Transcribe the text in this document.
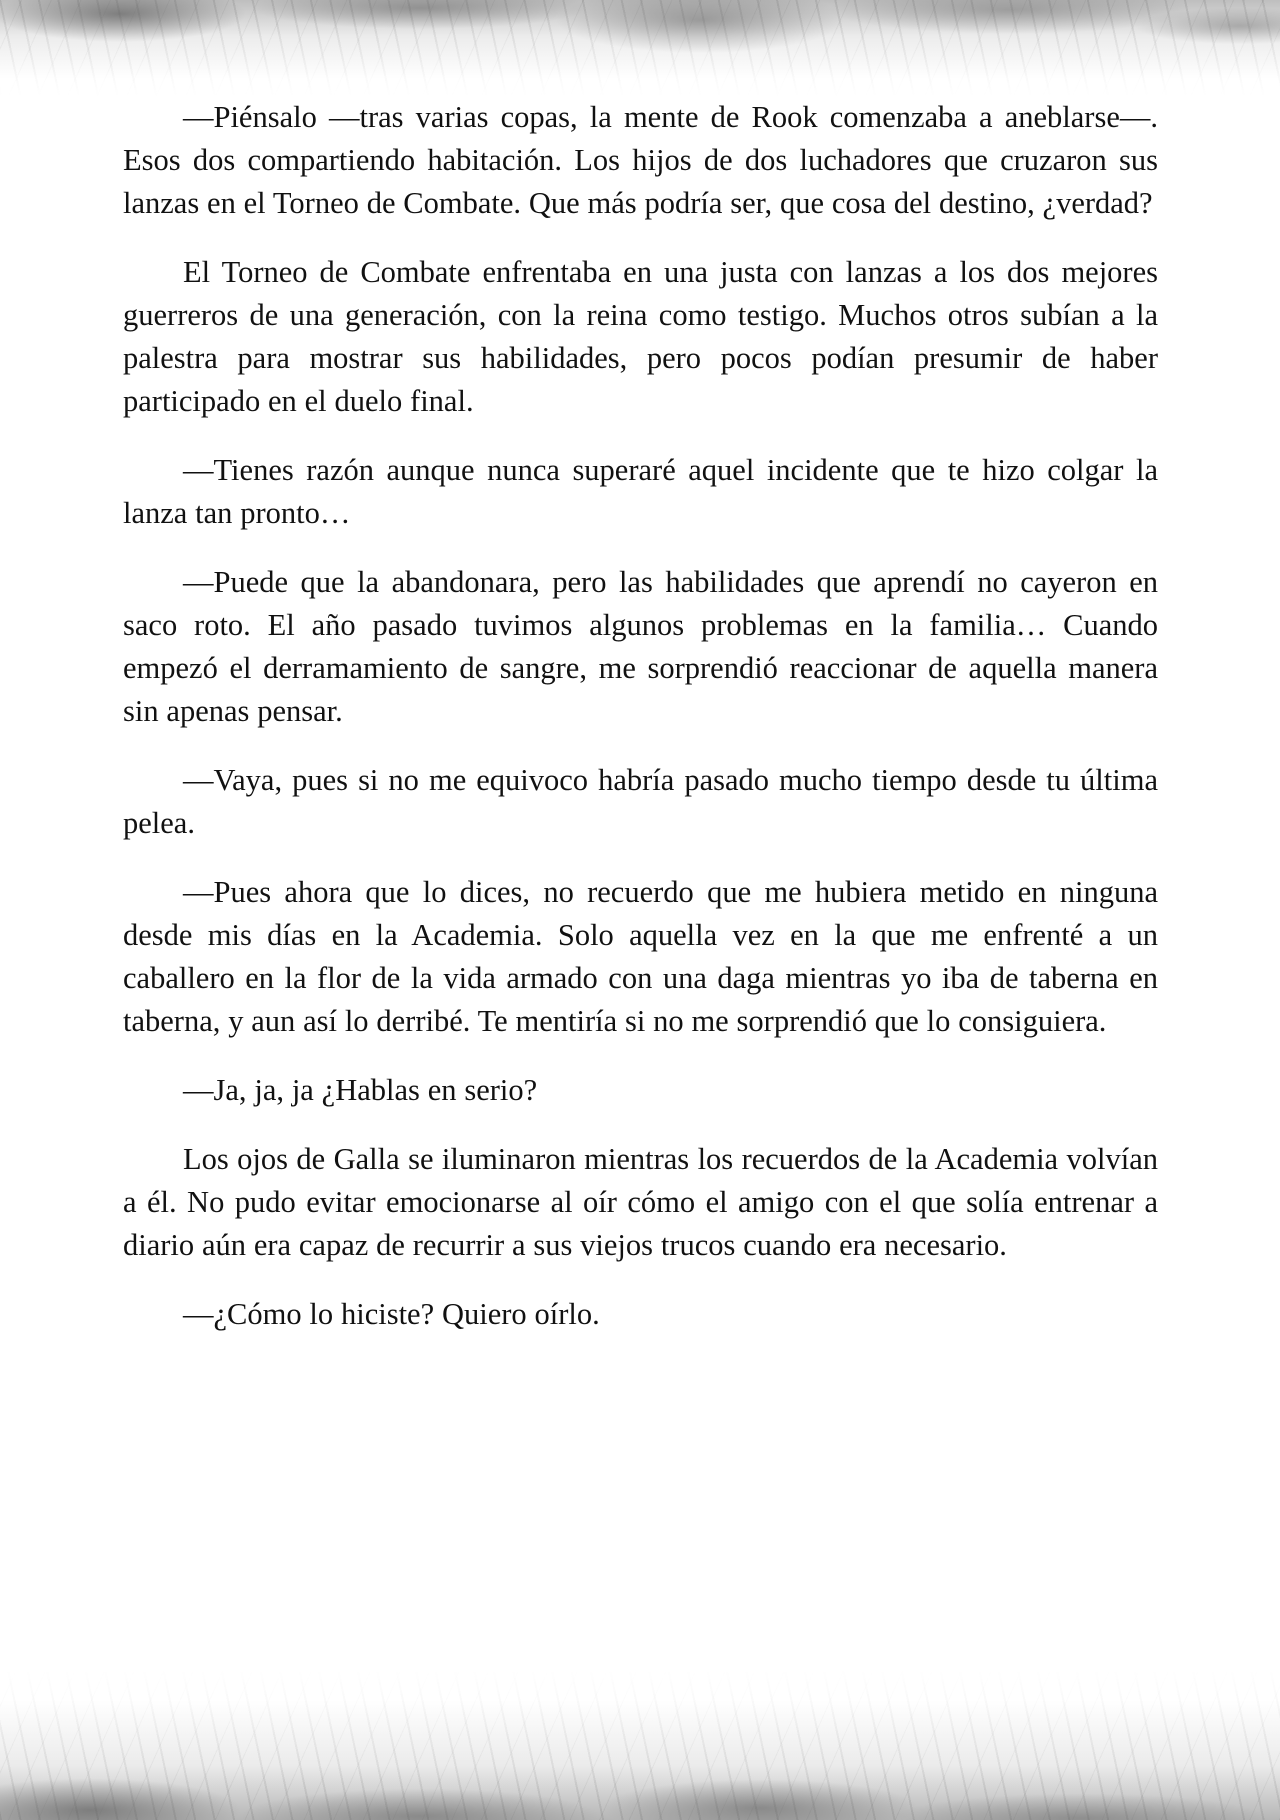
—Piénsalo —tras varias copas, la mente de Rook comenzaba a aneblarse—. Esos dos compartiendo habitación. Los hijos de dos luchadores que cruzaron sus lanzas en el Torneo de Combate. Que más podría ser, que cosa del destino, ¿verdad?

El Torneo de Combate enfrentaba en una justa con lanzas a los dos mejores guerreros de una generación, con la reina como testigo. Muchos otros subían a la palestra para mostrar sus habilidades, pero pocos podían presumir de haber participado en el duelo final.

—Tienes razón aunque nunca superaré aquel incidente que te hizo colgar la lanza tan pronto…

—Puede que la abandonara, pero las habilidades que aprendí no cayeron en saco roto. El año pasado tuvimos algunos problemas en la familia… Cuando empezó el derramamiento de sangre, me sorprendió reaccionar de aquella manera sin apenas pensar.

—Vaya, pues si no me equivoco habría pasado mucho tiempo desde tu última pelea.

—Pues ahora que lo dices, no recuerdo que me hubiera metido en ninguna desde mis días en la Academia. Solo aquella vez en la que me enfrenté a un caballero en la flor de la vida armado con una daga mientras yo iba de taberna en taberna, y aun así lo derribé. Te mentiría si no me sorprendió que lo consiguiera.

—Ja, ja, ja ¿Hablas en serio?

Los ojos de Galla se iluminaron mientras los recuerdos de la Academia volvían a él. No pudo evitar emocionarse al oír cómo el amigo con el que solía entrenar a diario aún era capaz de recurrir a sus viejos trucos cuando era necesario.

—¿Cómo lo hiciste? Quiero oírlo.
